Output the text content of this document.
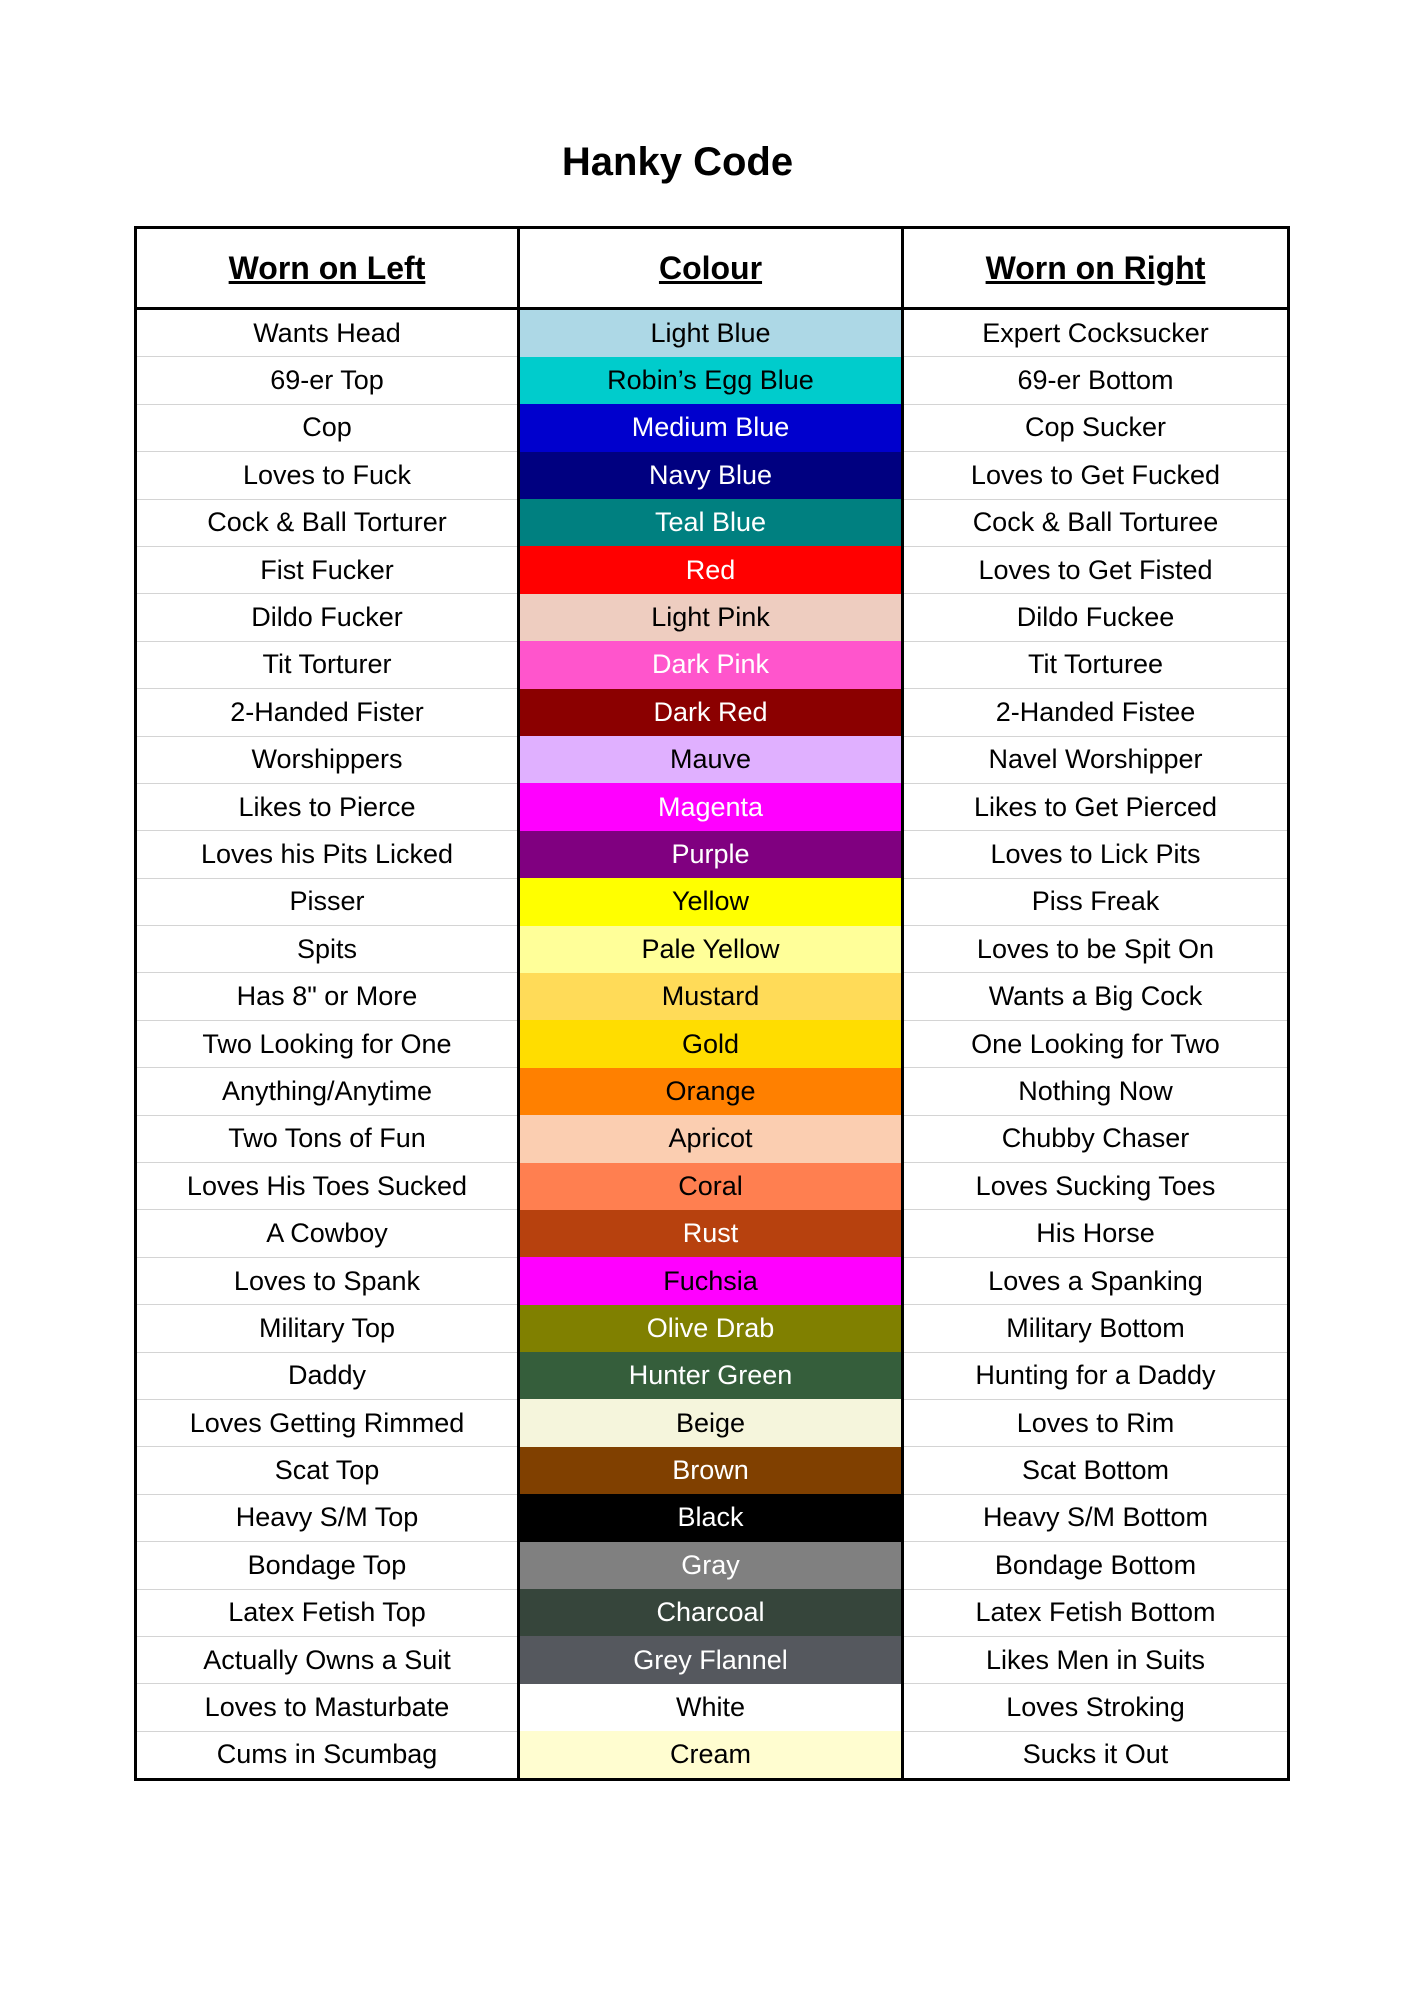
Hanky Code
Worn on Left	Colour	Worn on Right
Wants Head	Light Blue	Expert Cocksucker
69-er Top	Robin’s Egg Blue	69-er Bottom
Cop	Medium Blue	Cop Sucker
Loves to Fuck	Navy Blue	Loves to Get Fucked
Cock & Ball Torturer	Teal Blue	Cock & Ball Torturee
Fist Fucker	Red	Loves to Get Fisted
Dildo Fucker	Light Pink	Dildo Fuckee
Tit Torturer	Dark Pink	Tit Torturee
2-Handed Fister	Dark Red	2-Handed Fistee
Worshippers	Mauve	Navel Worshipper
Likes to Pierce	Magenta	Likes to Get Pierced
Loves his Pits Licked	Purple	Loves to Lick Pits
Pisser	Yellow	Piss Freak
Spits	Pale Yellow	Loves to be Spit On
Has 8" or More	Mustard	Wants a Big Cock
Two Looking for One	Gold	One Looking for Two
Anything/Anytime	Orange	Nothing Now
Two Tons of Fun	Apricot	Chubby Chaser
Loves His Toes Sucked	Coral	Loves Sucking Toes
A Cowboy	Rust	His Horse
Loves to Spank	Fuchsia	Loves a Spanking
Military Top	Olive Drab	Military Bottom
Daddy	Hunter Green	Hunting for a Daddy
Loves Getting Rimmed	Beige	Loves to Rim
Scat Top	Brown	Scat Bottom
Heavy S/M Top	Black	Heavy S/M Bottom
Bondage Top	Gray	Bondage Bottom
Latex Fetish Top	Charcoal	Latex Fetish Bottom
Actually Owns a Suit	Grey Flannel	Likes Men in Suits
Loves to Masturbate	White	Loves Stroking
Cums in Scumbag	Cream	Sucks it Out
